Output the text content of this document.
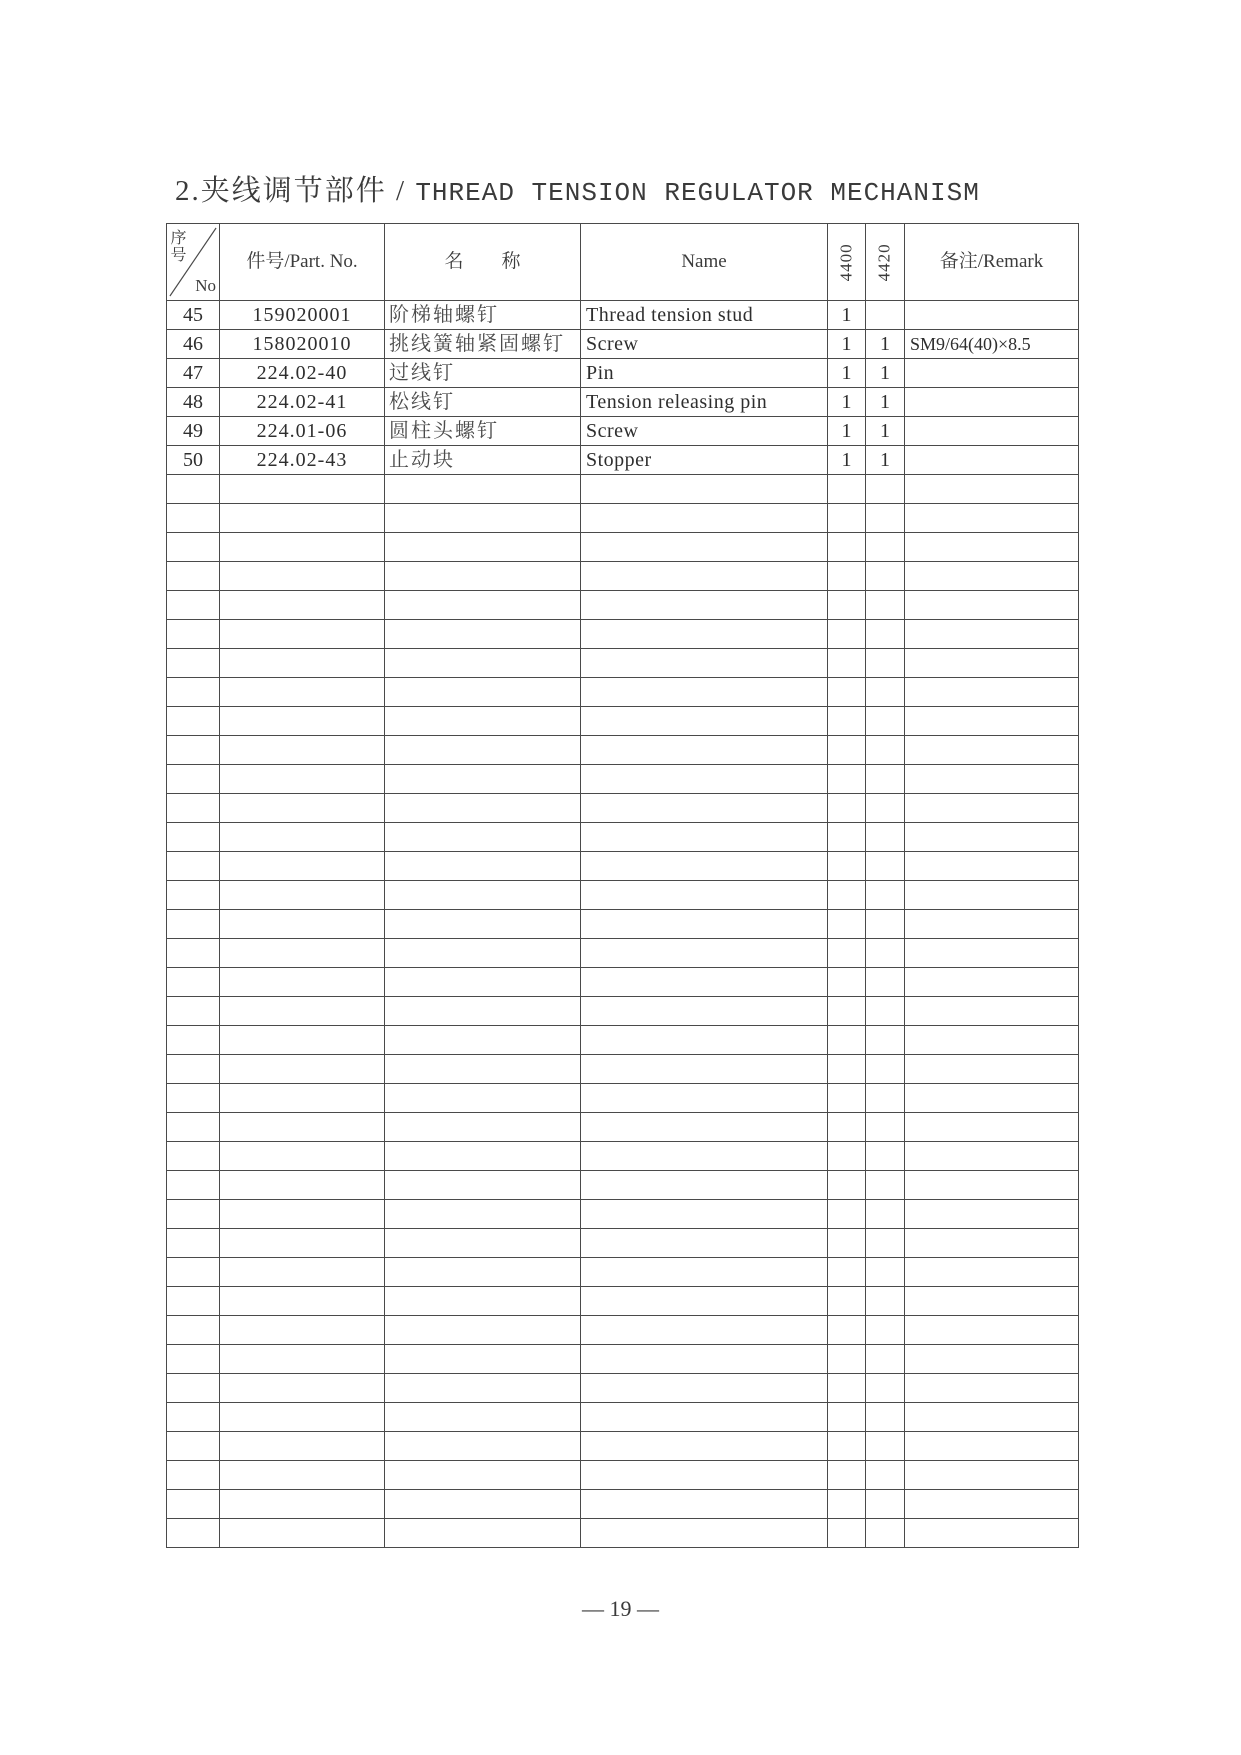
2.夹线调节部件 / THREAD TENSION REGULATOR MECHANISM
序号
No	件号/Part. No.	名　　称	Name	4400	4420	备注/Remark
45	159020001	阶梯轴螺钉	Thread tension stud	1		
46	158020010	挑线簧轴紧固螺钉	Screw	1	1	SM9/64(40)×8.5
47	224.02-40	过线钉	Pin	1	1	
48	224.02-41	松线钉	Tension releasing pin	1	1	
49	224.01-06	圆柱头螺钉	Screw	1	1	
50	224.02-43	止动块	Stopper	1	1	

— 19 —
